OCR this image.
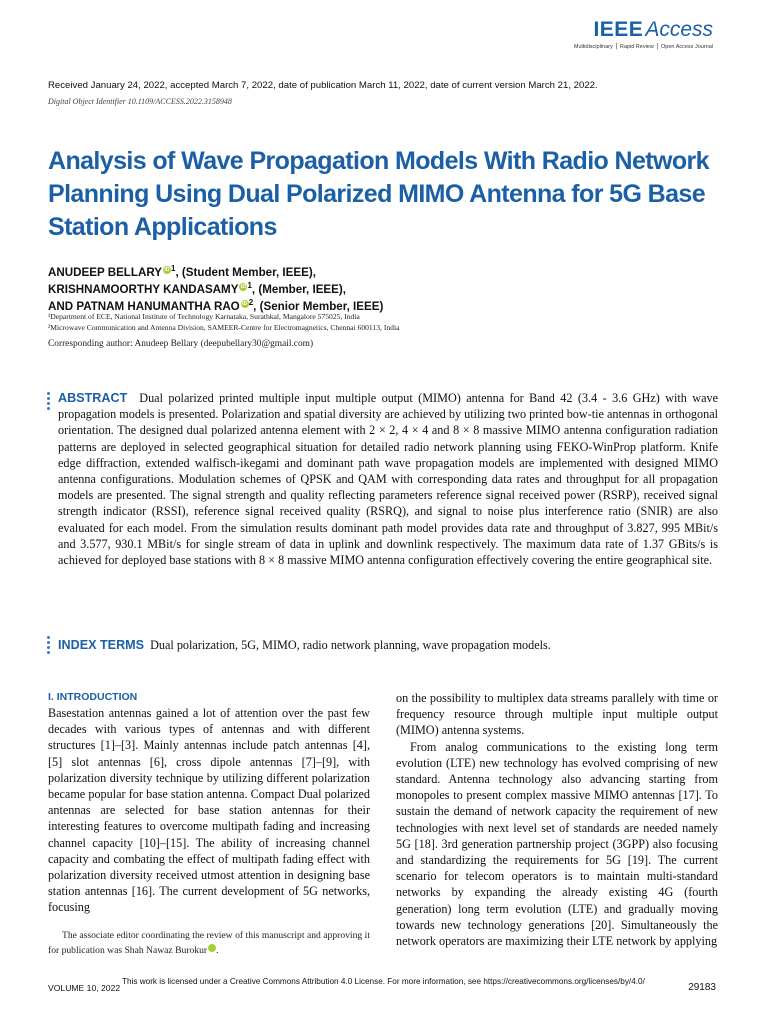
IEEEAccess
Multidisciplinary ⎪ Rapid Review ⎪ Open Access Journal
Received January 24, 2022, accepted March 7, 2022, date of publication March 11, 2022, date of current version March 21, 2022.
Digital Object Identifier 10.1109/ACCESS.2022.3158948
Analysis of Wave Propagation Models With Radio Network Planning Using Dual Polarized MIMO Antenna for 5G Base Station Applications
ANUDEEP BELLARY $iD^1$, (Student Member, IEEE),
KRISHNAMOORTHY KANDASAMY $iD^1$, (Member, IEEE),
AND PATNAM HANUMANTHA RAO $iD^2$, (Senior Member, IEEE)
¹Department of ECE, National Institute of Technology Karnataka, Surathkal, Mangalore 575025, India
²Microwave Communication and Antenna Division, SAMEER-Centre for Electromagnetics, Chennai 600113, India
Corresponding author: Anudeep Bellary (deepubellary30@gmail.com)

ABSTRACT Dual polarized printed multiple input multiple output (MIMO) antenna for Band 42 (3.4 - 3.6 GHz) with wave propagation models is presented. Polarization and spatial diversity are achieved by utilizing two printed bow-tie antennas in orthogonal orientation. The designed dual polarized antenna element with 2 × 2, 4 × 4 and 8 × 8 massive MIMO antenna configuration radiation patterns are deployed in selected geographical situation for detailed radio network planning using FEKO-WinProp platform. Knife edge diffraction, extended walfisch-ikegami and dominant path wave propagation models are implemented with designed MIMO antenna configurations. Modulation schemes of QPSK and QAM with corresponding data rates and throughput for all propagation models are presented. The signal strength and quality reflecting parameters reference signal received power (RSRP), received signal strength indicator (RSSI), reference signal received quality (RSRQ), and signal to noise plus interference ratio (SNIR) are also evaluated for each model. From the simulation results dominant path model provides data rate and throughput of 3.827, 995 MBit/s and 3.577, 930.1 MBit/s for single stream of data in uplink and downlink respectively. The maximum data rate of 1.37 GBits/s is achieved for deployed base stations with 8 × 8 massive MIMO antenna configuration effectively covering the entire geographical site.

INDEX TERMS Dual polarization, 5G, MIMO, radio network planning, wave propagation models.
I. INTRODUCTION

Basestation antennas gained a lot of attention over the past few decades with various types of antennas and with different structures [1]–[3]. Mainly antennas include patch antennas [4], [5] slot antennas [6], cross dipole antennas [7]–[9], with polarization diversity technique by utilizing different polarization became popular for base station antenna. Compact Dual polarized antennas are selected for base station antennas for their interesting features to overcome multipath fading and increasing channel capacity [10]–[15]. The ability of increasing channel capacity and combating the effect of multipath fading effect with polarization diversity received utmost attention in designing base station antennas [16]. The current development of 5G networks, focusing

on the possibility to multiplex data streams parallely with time or frequency resource through multiple input multiple output (MIMO) antenna systems.

From analog communications to the existing long term evolution (LTE) new technology has evolved comprising of new standard. Antenna technology also advancing starting from monopoles to present complex massive MIMO antennas [17]. To sustain the demand of network capacity the requirement of new technologies with next level set of standards are needed namely 5G [18]. 3rd generation partnership project (3GPP) also focusing and standardizing the requirements for 5G [19]. The current scenario for telecom operators is to maintain multi-standard networks by expanding the already existing 4G (fourth generation) long term evolution (LTE) and gradually moving towards new technology generations [20]. Simultaneously the network operators are maximizing their LTE network by applying

The associate editor coordinating the review of this manuscript and approving it for publication was Shah Nawaz Burokur	iD.

VOLUME 10, 2022
This work is licensed under a Creative Commons Attribution 4.0 License. For more information, see https://creativecommons.org/licenses/by/4.0/
29183
